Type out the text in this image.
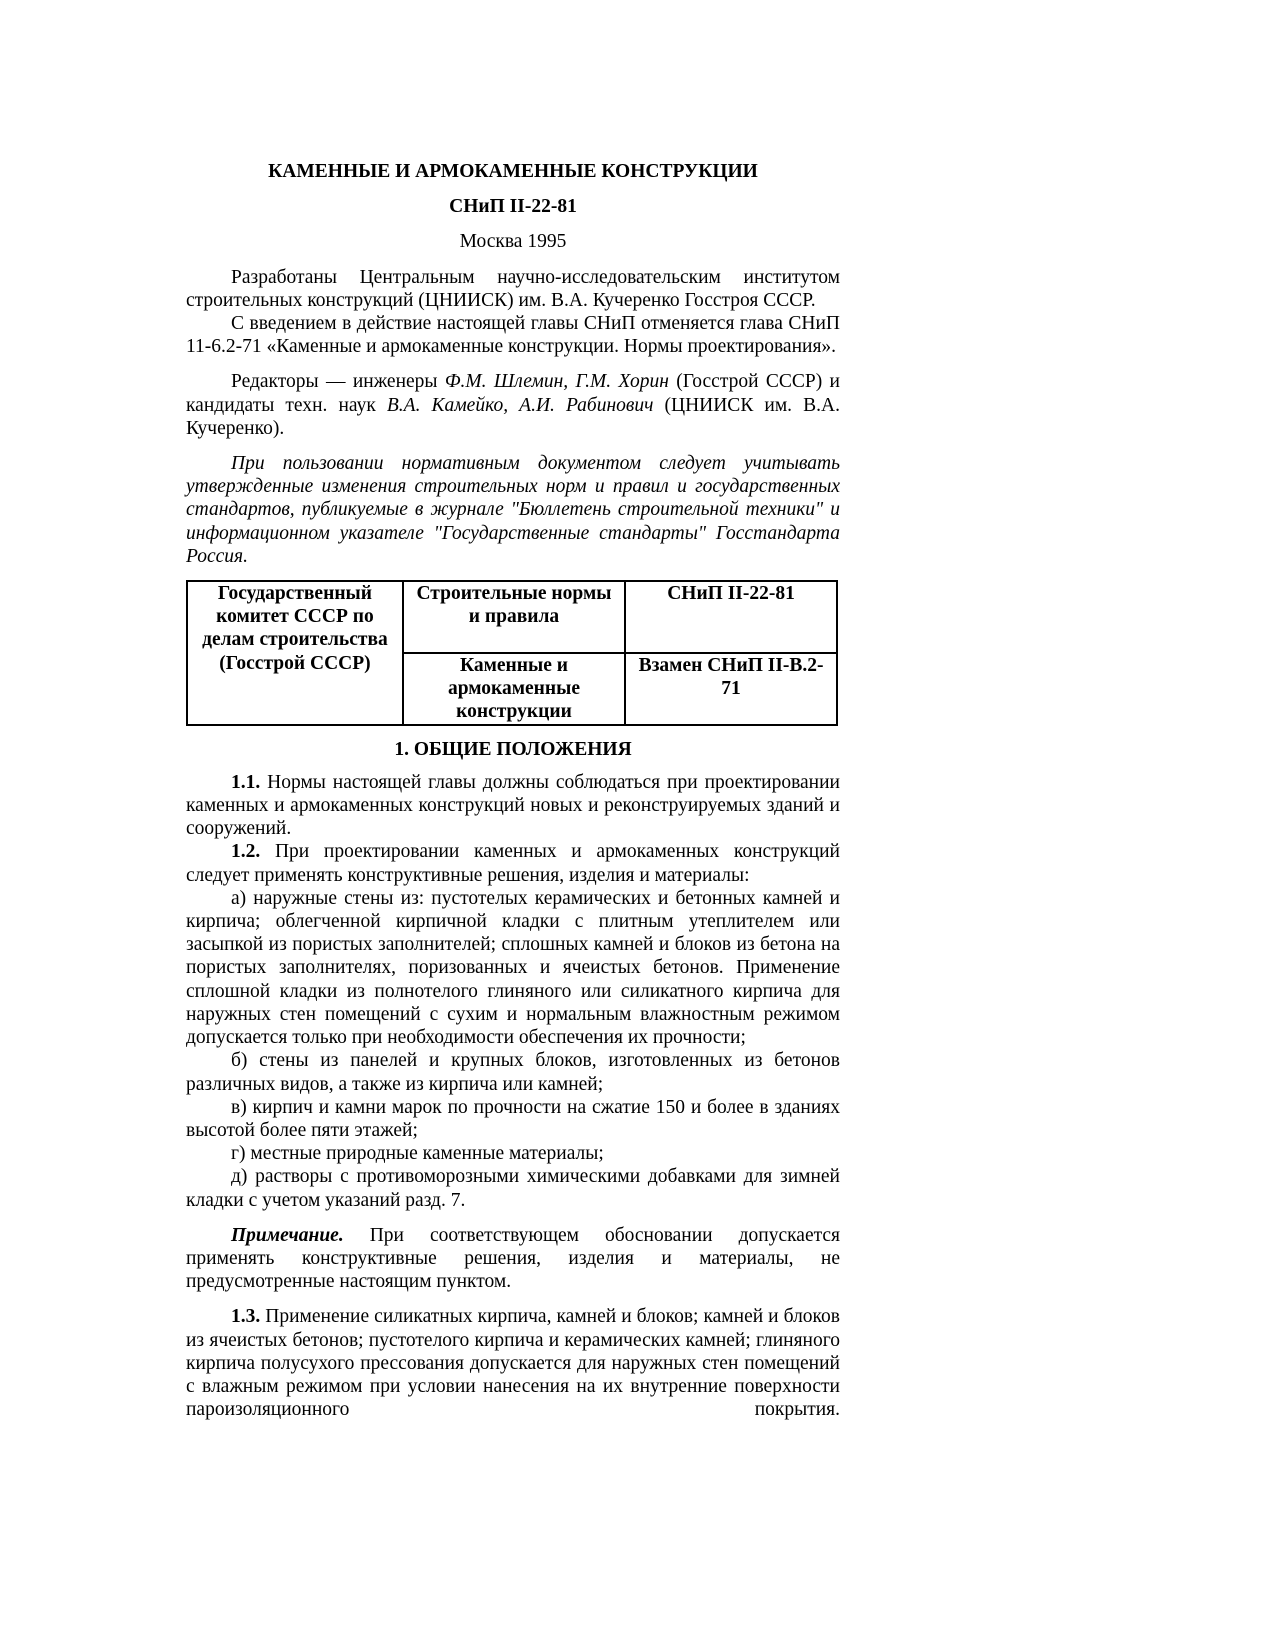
КАМЕННЫЕ И АРМОКАМЕННЫЕ КОНСТРУКЦИИ
СНиП II-22-81
Москва 1995

Разработаны Центральным научно-исследовательским институтом строительных конструкций (ЦНИИСК) им. В.А. Кучеренко Госстроя СССР.

С введением в действие настоящей главы СНиП отменяется глава СНиП 11-6.2-71 «Каменные и армокаменные конструкции. Нормы проектирования».

Редакторы — инженеры Ф.М. Шлемин, Г.М. Хорин (Госстрой СССР) и кандидаты техн. наук В.А. Камейко, А.И. Рабинович (ЦНИИСК им. В.А. Кучеренко).

При пользовании нормативным документом следует учитывать утвержденные изменения строительных норм и правил и государственных стандартов, публикуемые в журнале "Бюллетень строительной техники" и информационном указателе "Государственные стандарты" Госстандарта Россия.

Государственный комитет СССР по делам строительства (Госстрой СССР)	Строительные нормы и правила	СНиП II-22-81
	Каменные и армокаменные конструкции	Взамен СНиП II-В.2-71
1. ОБЩИЕ ПОЛОЖЕНИЯ

1.1. Нормы настоящей главы должны соблюдаться при проектировании каменных и армокаменных конструкций новых и реконструируемых зданий и сооружений.

1.2. При проектировании каменных и армокаменных конструкций следует применять конструктивные решения, изделия и материалы:

а) наружные стены из: пустотелых керамических и бетонных камней и кирпича; облегченной кирпичной кладки с плитным утеплителем или засыпкой из пористых заполнителей; сплошных камней и блоков из бетона на пористых заполнителях, поризованных и ячеистых бетонов. Применение сплошной кладки из полнотелого глиняного или силикатного кирпича для наружных стен помещений с сухим и нормальным влажностным режимом допускается только при необходимости обеспечения их прочности;

б) стены из панелей и крупных блоков, изготовленных из бетонов различных видов, а также из кирпича или камней;

в) кирпич и камни марок по прочности на сжатие 150 и более в зданиях высотой более пяти этажей;

г) местные природные каменные материалы;

д) растворы с противоморозными химическими добавками для зимней кладки с учетом указаний разд. 7.

Примечание. При соответствующем обосновании допускается применять конструктивные решения, изделия и материалы, не предусмотренные настоящим пунктом.

1.3. Применение силикатных кирпича, камней и блоков; камней и блоков из ячеистых бетонов; пустотелого кирпича и керамических камней; глиняного кирпича полусухого прессования допускается для наружных стен помещений с влажным режимом при условии нанесения на их внутренние поверхности пароизоляционного покрытия.
